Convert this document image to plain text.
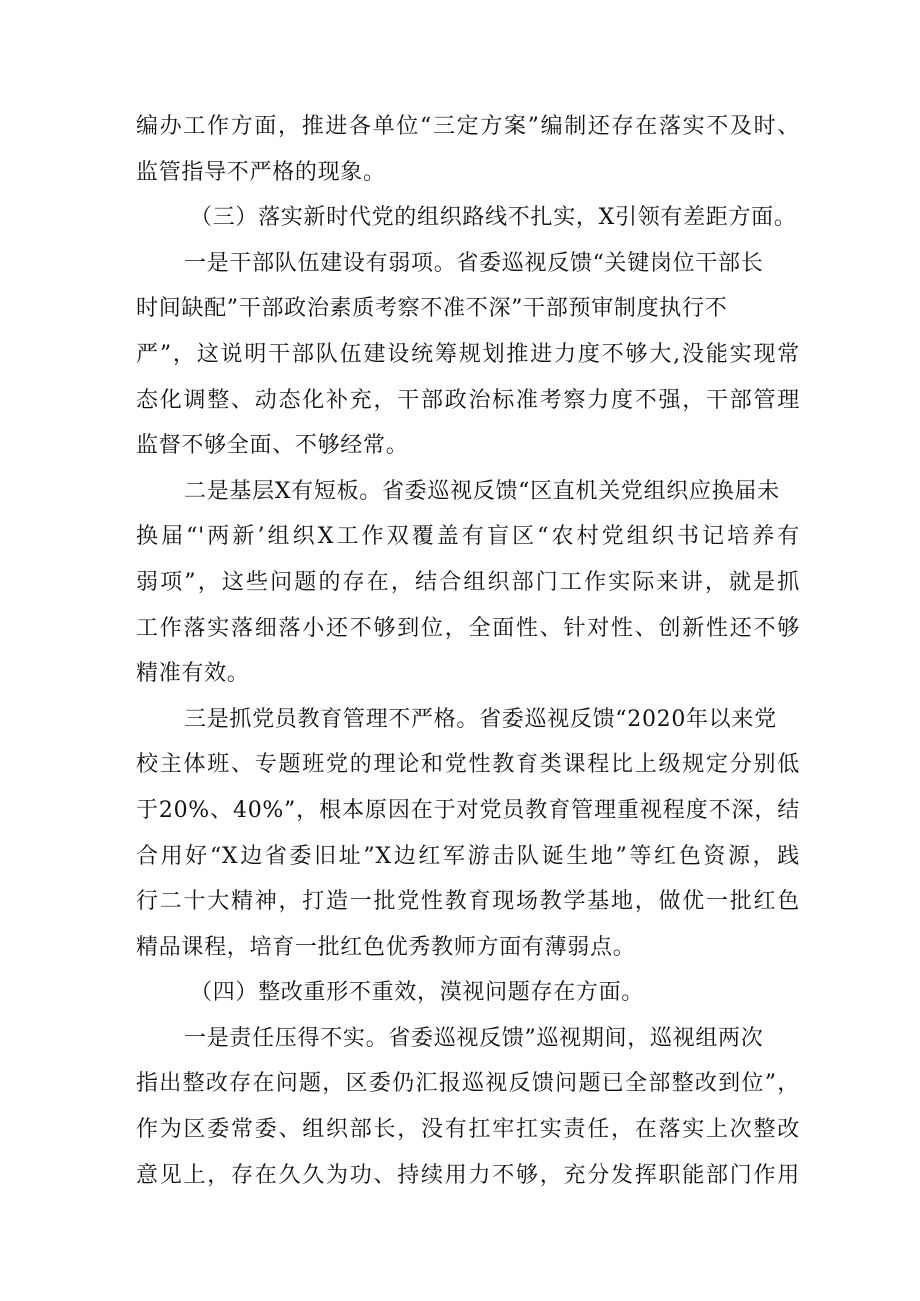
编办工作方面，推进各单位“三定方案”编制还存在落实不及时、
监管指导不严格的现象。
（三）落实新时代党的组织路线不扎实，X引领有差距方面。
一是干部队伍建设有弱项。省委巡视反馈“关键岗位干部长
时间缺配”干部政治素质考察不准不深”干部预审制度执行不
严”，这说明干部队伍建设统筹规划推进力度不够大,没能实现常
态化调整、动态化补充，干部政治标准考察力度不强，干部管理
监督不够全面、不够经常。
二是基层X有短板。省委巡视反馈“区直机关党组织应换届未
换届“'两新’组织X工作双覆盖有盲区“农村党组织书记培养有
弱项”，这些问题的存在，结合组织部门工作实际来讲，就是抓
工作落实落细落小还不够到位，全面性、针对性、创新性还不够
精准有效。
三是抓党员教育管理不严格。省委巡视反馈“2020年以来党
校主体班、专题班党的理论和党性教育类课程比上级规定分别低
于20%、40%”，根本原因在于对党员教育管理重视程度不深，结
合用好“X边省委旧址”X边红军游击队诞生地”等红色资源，践
行二十大精神，打造一批党性教育现场教学基地，做优一批红色
精品课程，培育一批红色优秀教师方面有薄弱点。
（四）整改重形不重效，漠视问题存在方面。
一是责任压得不实。省委巡视反馈”巡视期间，巡视组两次
指出整改存在问题，区委仍汇报巡视反馈问题已全部整改到位”，
作为区委常委、组织部长，没有扛牢扛实责任，在落实上次整改
意见上，存在久久为功、持续用力不够，充分发挥职能部门作用
